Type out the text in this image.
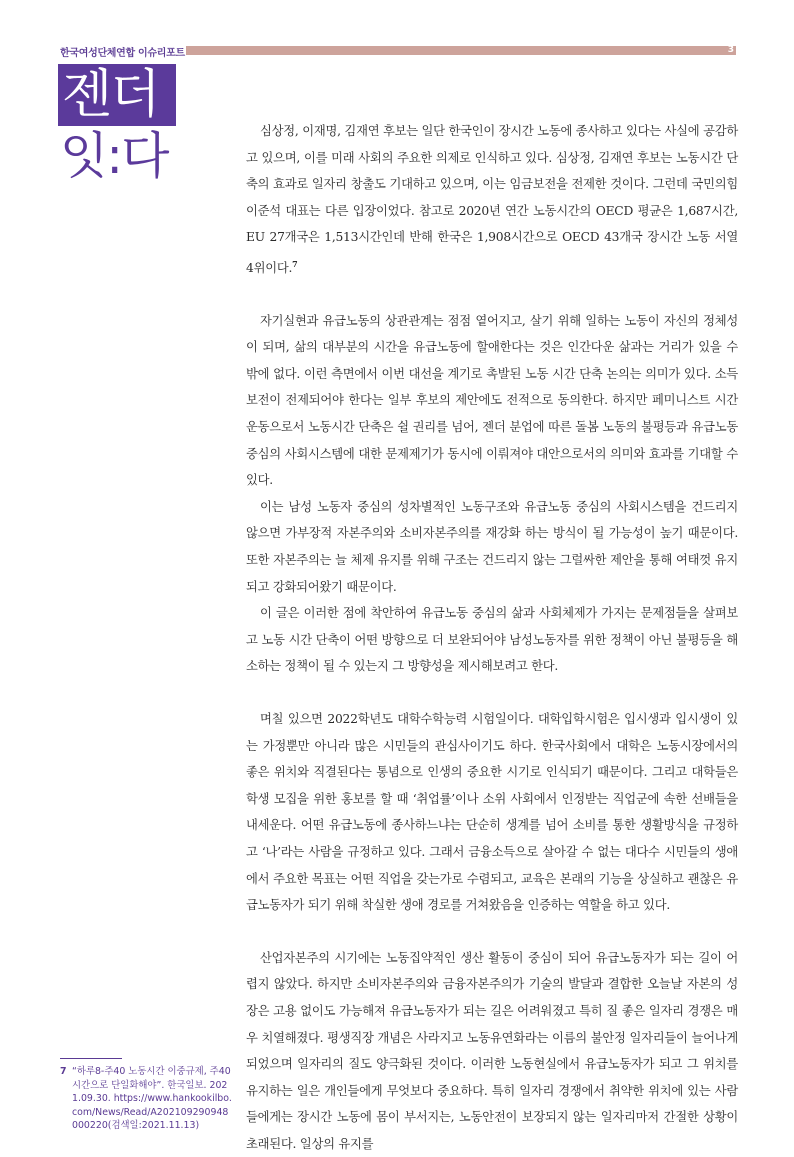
한국여성단체연합 이슈리포트	3
젠더
잇:다	심상정, 이재명, 김재연 후보는 일단 한국인이 장시간 노동에 종사하고 있다는 사실에 공감하고 있으며, 이를 미래 사회의 주요한 의제로 인식하고 있다. 심상정, 김재연 후보는 노동시간 단축의 효과로 일자리 창출도 기대하고 있으며, 이는 임금보전을 전제한 것이다. 그런데 국민의힘 이준석 대표는 다른 입장이었다. 참고로 2020년 연간 노동시간의 OECD 평균은 1,687시간, EU 27개국은 1,513시간인데 반해 한국은 1,908시간으로 OECD 43개국 장시간 노동 서열 4위이다.$^7$

자기실현과 유급노동의 상관관계는 점점 옅어지고, 살기 위해 일하는 노동이 자신의 정체성이 되며, 삶의 대부분의 시간을 유급노동에 할애한다는 것은 인간다운 삶과는 거리가 있을 수 밖에 없다. 이런 측면에서 이번 대선을 계기로 촉발된 노동 시간 단축 논의는 의미가 있다. 소득보전이 전제되어야 한다는 일부 후보의 제안에도 전적으로 동의한다. 하지만 페미니스트 시간운동으로서 노동시간 단축은 쉴 권리를 넘어, 젠더 분업에 따른 돌봄 노동의 불평등과 유급노동 중심의 사회시스템에 대한 문제제기가 동시에 이뤄져야 대안으로서의 의미와 효과를 기대할 수 있다.

이는 남성 노동자 중심의 성차별적인 노동구조와 유급노동 중심의 사회시스템을 건드리지 않으면 가부장적 자본주의와 소비자본주의를 재강화 하는 방식이 될 가능성이 높기 때문이다. 또한 자본주의는 늘 체제 유지를 위해 구조는 건드리지 않는 그럴싸한 제안을 통해 여태껏 유지되고 강화되어왔기 때문이다.

이 글은 이러한 점에 착안하여 유급노동 중심의 삶과 사회체제가 가지는 문제점들을 살펴보고 노동 시간 단축이 어떤 방향으로 더 보완되어야 남성노동자를 위한 정책이 아닌 불평등을 해소하는 정책이 될 수 있는지 그 방향성을 제시해보려고 한다.

며칠 있으면 2022학년도 대학수학능력 시험일이다. 대학입학시험은 입시생과 입시생이 있는 가정뿐만 아니라 많은 시민들의 관심사이기도 하다. 한국사회에서 대학은 노동시장에서의 좋은 위치와 직결된다는 통념으로 인생의 중요한 시기로 인식되기 때문이다. 그리고 대학들은 학생 모집을 위한 홍보를 할 때 ‘취업률’이나 소위 사회에서 인정받는 직업군에 속한 선배들을 내세운다. 어떤 유급노동에 종사하느냐는 단순히 생계를 넘어 소비를 통한 생활방식을 규정하고 ‘나’라는 사람을 규정하고 있다. 그래서 금융소득으로 살아갈 수 없는 대다수 시민들의 생애에서 주요한 목표는 어떤 직업을 갖는가로 수렴되고, 교육은 본래의 기능을 상실하고 괜찮은 유급노동자가 되기 위해 착실한 생애 경로를 거쳐왔음을 인증하는 역할을 하고 있다.

산업자본주의 시기에는 노동집약적인 생산 활동이 중심이 되어 유급노동자가 되는 길이 어렵지 않았다. 하지만 소비자본주의와 금융자본주의가 기술의 발달과 결합한 오늘날 자본의 성장은 고용 없이도 가능해져 유급노동자가 되는 길은 어려워졌고 특히 질 좋은 일자리 경쟁은 매우 치열해졌다. 평생직장 개념은 사라지고 노동유연화라는 이름의 불안정 일자리들이 늘어나게 되었으며 일자리의 질도 양극화된 것이다. 이러한 노동현실에서 유급노동자가 되고 그 위치를 유지하는 일은 개인들에게 무엇보다 중요하다. 특히 일자리 경쟁에서 취약한 위치에 있는 사람들에게는 장시간 노동에 몸이 부서지는, 노동안전이 보장되지 않는 일자리마저 간절한 상황이 초래된다. 일상의 유지를

7 “하루8-주40 노동시간 이중규제, 주40시간으로 단일화해야”. 한국일보. 2021.09.30. https://www.hankookilbo.com/News/Read/A2021092909480002​20(검색일:2021.11.13)
